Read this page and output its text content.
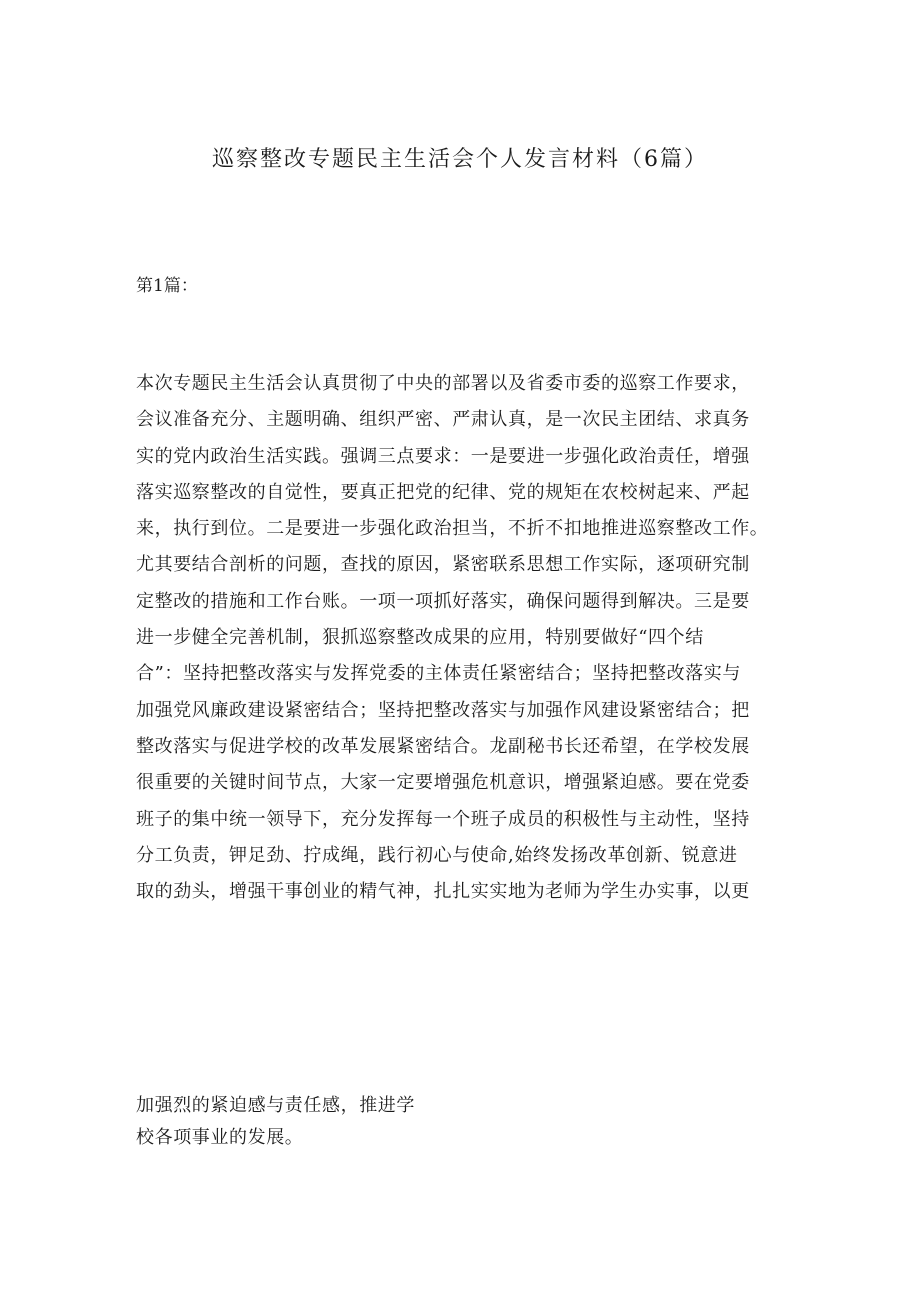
巡察整改专题民主生活会个人发言材料（6篇）
第1篇：
本次专题民主生活会认真贯彻了中央的部署以及省委市委的巡察工作要求，
会议准备充分、主题明确、组织严密、严肃认真，是一次民主团结、求真务
实的党内政治生活实践。强调三点要求：一是要进一步强化政治责任，增强
落实巡察整改的自觉性，要真正把党的纪律、党的规矩在农校树起来、严起
来，执行到位。二是要进一步强化政治担当，不折不扣地推进巡察整改工作。
尤其要结合剖析的问题，查找的原因，紧密联系思想工作实际，逐项研究制
定整改的措施和工作台账。一项一项抓好落实，确保问题得到解决。三是要
进一步健全完善机制，狠抓巡察整改成果的应用，特别要做好“四个结
合”：坚持把整改落实与发挥党委的主体责任紧密结合；坚持把整改落实与
加强党风廉政建设紧密结合；坚持把整改落实与加强作风建设紧密结合；把
整改落实与促进学校的改革发展紧密结合。龙副秘书长还希望，在学校发展
很重要的关键时间节点，大家一定要增强危机意识，增强紧迫感。要在党委
班子的集中统一领导下，充分发挥每一个班子成员的积极性与主动性，坚持
分工负责，钾足劲、拧成绳，践行初心与使命,始终发扬改革创新、锐意进
取的劲头，增强干事创业的精气神，扎扎实实地为老师为学生办实事，以更
加强烈的紧迫感与责任感，推进学
校各项事业的发展。
